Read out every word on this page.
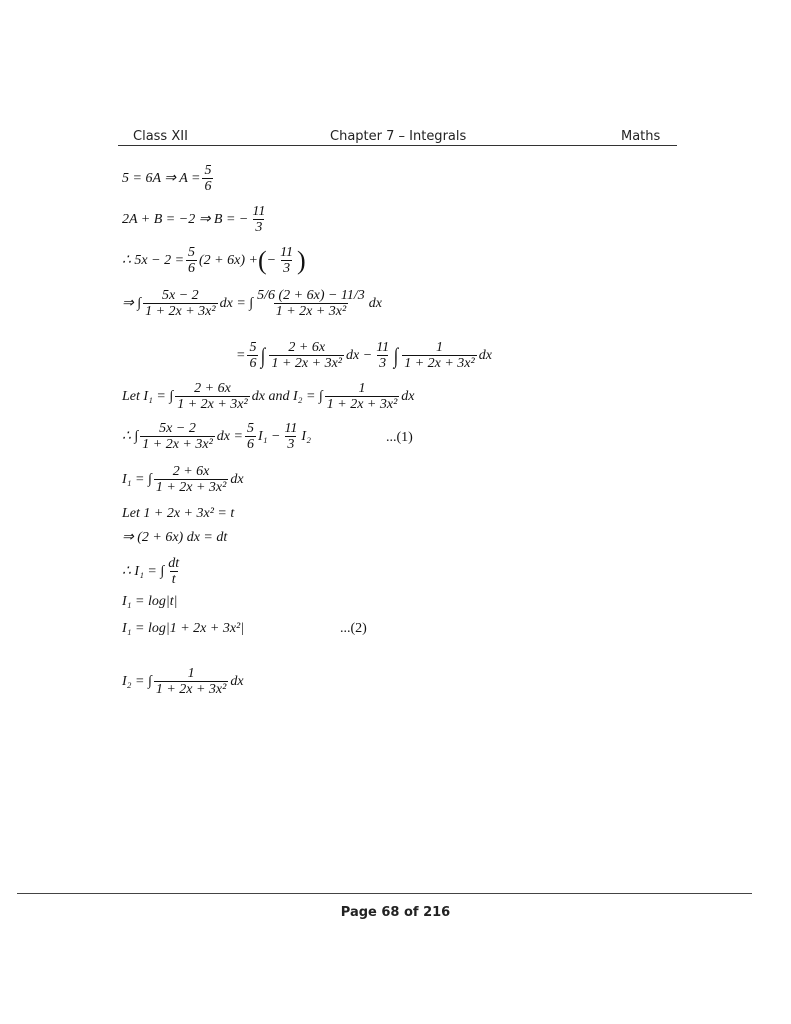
Class XII	Chapter 7 – Integrals	Maths
5 = 6A ⇒ $A = \frac{5}{6}$
2A + B = −2 ⇒ B = − $\frac{11}{3}$
∴ $5x - 2 = \frac{5}{6} (2 + 6x)$ + ( − $\frac{11}{3}$ )
⇒ ∫ $\frac{5x - 2}{\text{1 + 2x + 3x²}}$ dx = ∫ $\frac{5/6 (2 + 6x) - 11/3}{\text{1 + 2x + 3x²}}$ dx
= $\frac{5}{6}$ ∫ $\frac{2 + 6x}{\text{1 + 2x + 3x²}}$ dx − $\frac{11}{3}$ ∫ $\frac{1}{\text{1 + 2x + 3x²}}$ dx
Let I₁ = ∫ $\frac{2 + 6x}{\text{1 + 2x + 3x²}}$ dx and I₂ = ∫ $\frac{1}{\text{1 + 2x + 3x²}}$ dx
∴ ∫ $\frac{5x - 2}{\text{1 + 2x + 3x²}}$ dx = $\frac{5}{6} I_1 - \frac{11}{3} I_2$	...(1)
I₁ = ∫ $\frac{2 + 6x}{\text{1 + 2x + 3x²}}$ dx
Let 1 + 2x + 3x² = t
⇒ (2 + 6x) dx = dt
∴ I₁ = ∫ $\frac{dt}{t}$
I₁ = log|t|
I₁ = log|1 + 2x + 3x²|	...(2)
I₂ = ∫ $\frac{1}{\text{1 + 2x + 3x²}}$ dx
Page 68 of 216
